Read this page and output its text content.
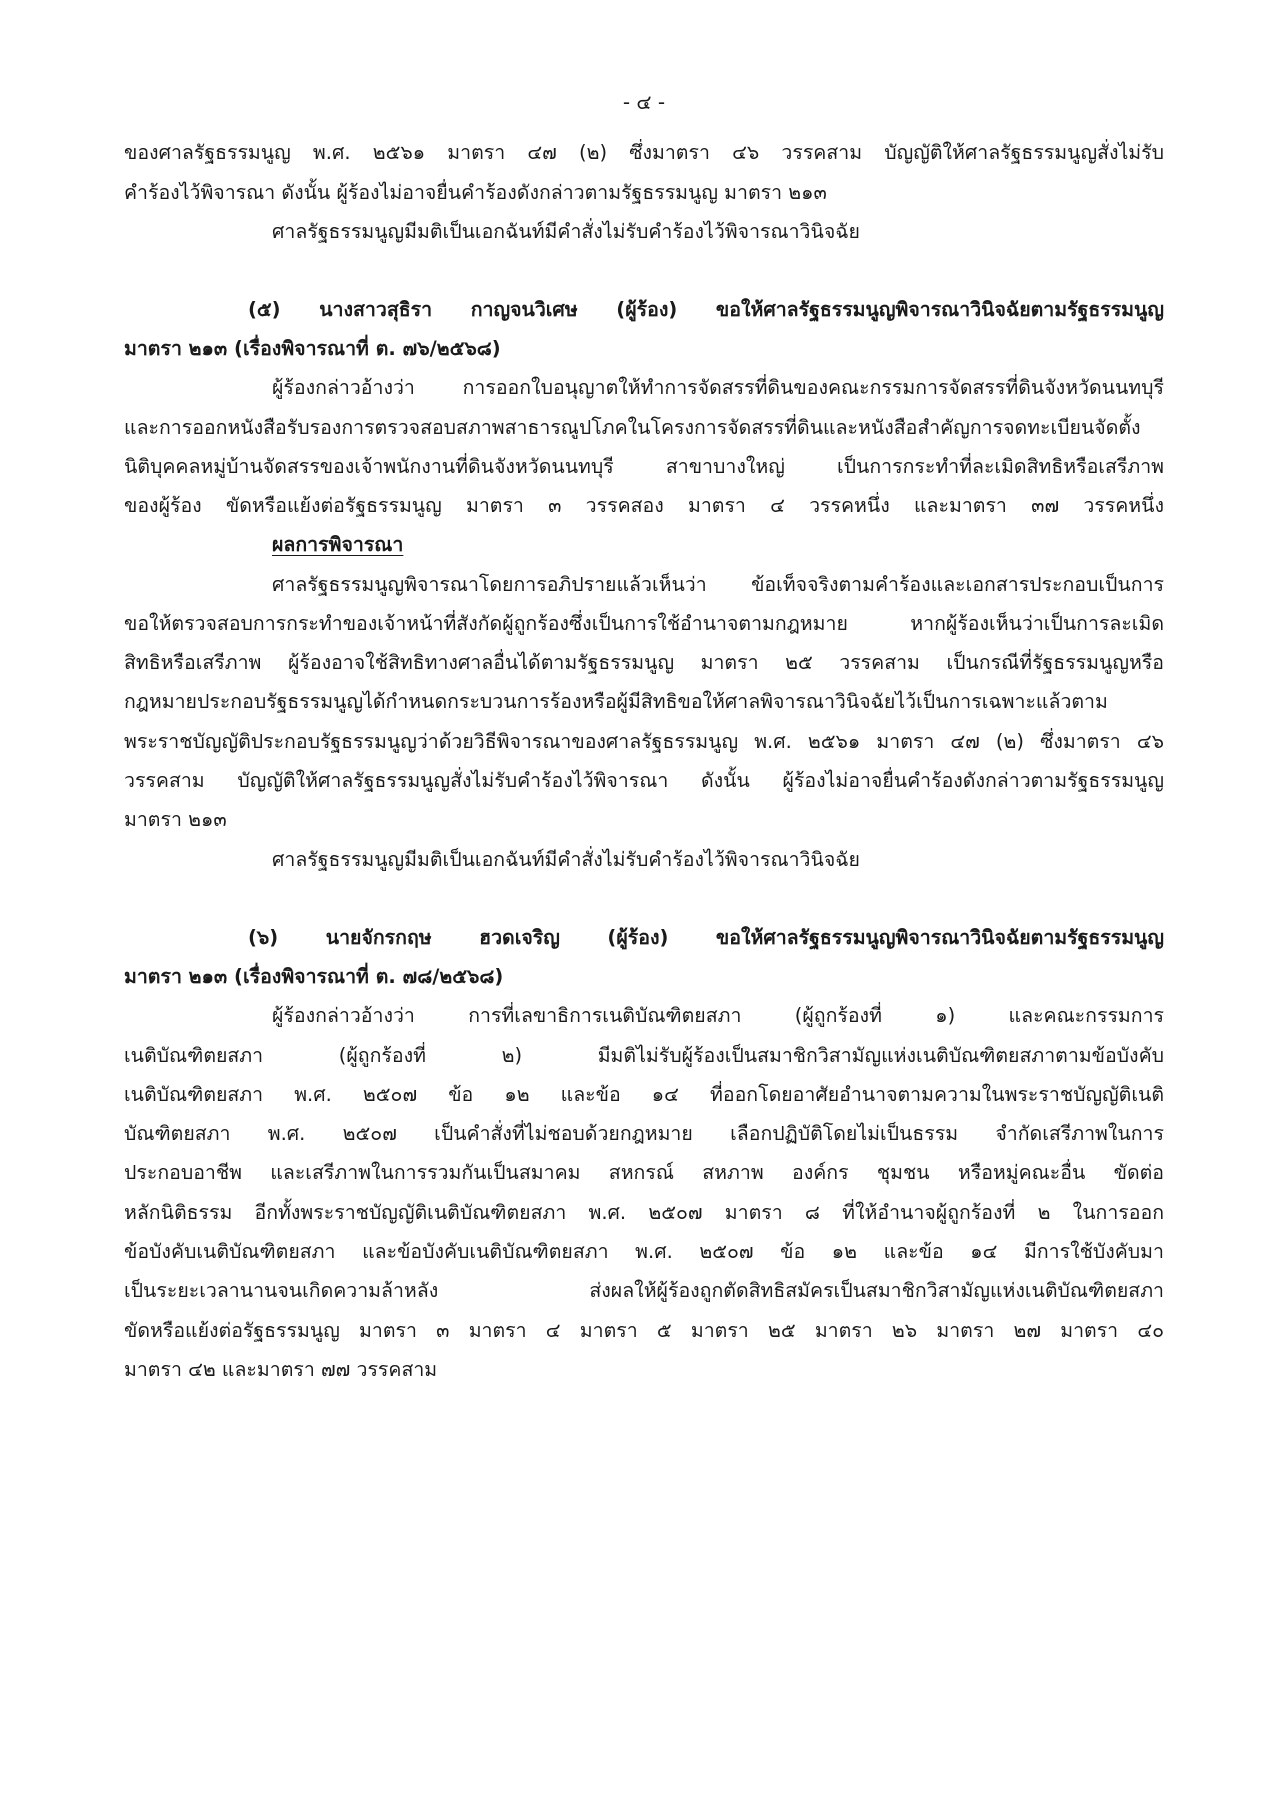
- ๔ -
ของศาลรัฐธรรมนูญ พ.ศ. ๒๕๖๑ มาตรา ๔๗ (๒) ซึ่งมาตรา ๔๖ วรรคสาม บัญญัติให้ศาลรัฐธรรมนูญสั่งไม่รับ
คำร้องไว้พิจารณา ดังนั้น ผู้ร้องไม่อาจยื่นคำร้องดังกล่าวตามรัฐธรรมนูญ มาตรา ๒๑๓
ศาลรัฐธรรมนูญมีมติเป็นเอกฉันท์มีคำสั่งไม่รับคำร้องไว้พิจารณาวินิจฉัย
(๕) นางสาวสุธิรา กาญจนวิเศษ (ผู้ร้อง) ขอให้ศาลรัฐธรรมนูญพิจารณาวินิจฉัยตามรัฐธรรมนูญ
มาตรา ๒๑๓ (เรื่องพิจารณาที่ ต. ๗๖/๒๕๖๘)
ผู้ร้องกล่าวอ้างว่า การออกใบอนุญาตให้ทำการจัดสรรที่ดินของคณะกรรมการจัดสรรที่ดินจังหวัดนนทบุรี
และการออกหนังสือรับรองการตรวจสอบสภาพสาธารณูปโภคในโครงการจัดสรรที่ดินและหนังสือสำคัญการจดทะเบียนจัดตั้ง
นิติบุคคลหมู่บ้านจัดสรรของเจ้าพนักงานที่ดินจังหวัดนนทบุรี สาขาบางใหญ่ เป็นการกระทำที่ละเมิดสิทธิหรือเสรีภาพ
ของผู้ร้อง ขัดหรือแย้งต่อรัฐธรรมนูญ มาตรา ๓ วรรคสอง มาตรา ๔ วรรคหนึ่ง และมาตรา ๓๗ วรรคหนึ่ง
ผลการพิจารณา
ศาลรัฐธรรมนูญพิจารณาโดยการอภิปรายแล้วเห็นว่า ข้อเท็จจริงตามคำร้องและเอกสารประกอบเป็นการ
ขอให้ตรวจสอบการกระทำของเจ้าหน้าที่สังกัดผู้ถูกร้องซึ่งเป็นการใช้อำนาจตามกฎหมาย หากผู้ร้องเห็นว่าเป็นการละเมิด
สิทธิหรือเสรีภาพ ผู้ร้องอาจใช้สิทธิทางศาลอื่นได้ตามรัฐธรรมนูญ มาตรา ๒๕ วรรคสาม เป็นกรณีที่รัฐธรรมนูญหรือ
กฎหมายประกอบรัฐธรรมนูญได้กำหนดกระบวนการร้องหรือผู้มีสิทธิขอให้ศาลพิจารณาวินิจฉัยไว้เป็นการเฉพาะแล้วตาม
พระราชบัญญัติประกอบรัฐธรรมนูญว่าด้วยวิธีพิจารณาของศาลรัฐธรรมนูญ พ.ศ. ๒๕๖๑ มาตรา ๔๗ (๒) ซึ่งมาตรา ๔๖
วรรคสาม บัญญัติให้ศาลรัฐธรรมนูญสั่งไม่รับคำร้องไว้พิจารณา ดังนั้น ผู้ร้องไม่อาจยื่นคำร้องดังกล่าวตามรัฐธรรมนูญ
มาตรา ๒๑๓
ศาลรัฐธรรมนูญมีมติเป็นเอกฉันท์มีคำสั่งไม่รับคำร้องไว้พิจารณาวินิจฉัย
(๖) นายจักรกฤษ ฮวดเจริญ (ผู้ร้อง) ขอให้ศาลรัฐธรรมนูญพิจารณาวินิจฉัยตามรัฐธรรมนูญ
มาตรา ๒๑๓ (เรื่องพิจารณาที่ ต. ๗๘/๒๕๖๘)
ผู้ร้องกล่าวอ้างว่า การที่เลขาธิการเนติบัณฑิตยสภา (ผู้ถูกร้องที่ ๑) และคณะกรรมการ
เนติบัณฑิตยสภา (ผู้ถูกร้องที่ ๒) มีมติไม่รับผู้ร้องเป็นสมาชิกวิสามัญแห่งเนติบัณฑิตยสภาตามข้อบังคับ
เนติบัณฑิตยสภา พ.ศ. ๒๕๐๗ ข้อ ๑๒ และข้อ ๑๔ ที่ออกโดยอาศัยอำนาจตามความในพระราชบัญญัติเนติ
บัณฑิตยสภา พ.ศ. ๒๕๐๗ เป็นคำสั่งที่ไม่ชอบด้วยกฎหมาย เลือกปฏิบัติโดยไม่เป็นธรรม จำกัดเสรีภาพในการ
ประกอบอาชีพ และเสรีภาพในการรวมกันเป็นสมาคม สหกรณ์ สหภาพ องค์กร ชุมชน หรือหมู่คณะอื่น ขัดต่อ
หลักนิติธรรม อีกทั้งพระราชบัญญัติเนติบัณฑิตยสภา พ.ศ. ๒๕๐๗ มาตรา ๘ ที่ให้อำนาจผู้ถูกร้องที่ ๒ ในการออก
ข้อบังคับเนติบัณฑิตยสภา และข้อบังคับเนติบัณฑิตยสภา พ.ศ. ๒๕๐๗ ข้อ ๑๒ และข้อ ๑๔ มีการใช้บังคับมา
เป็นระยะเวลานานจนเกิดความล้าหลัง ส่งผลให้ผู้ร้องถูกตัดสิทธิสมัครเป็นสมาชิกวิสามัญแห่งเนติบัณฑิตยสภา
ขัดหรือแย้งต่อรัฐธรรมนูญ มาตรา ๓ มาตรา ๔ มาตรา ๕ มาตรา ๒๕ มาตรา ๒๖ มาตรา ๒๗ มาตรา ๔๐
มาตรา ๔๒ และมาตรา ๗๗ วรรคสาม
